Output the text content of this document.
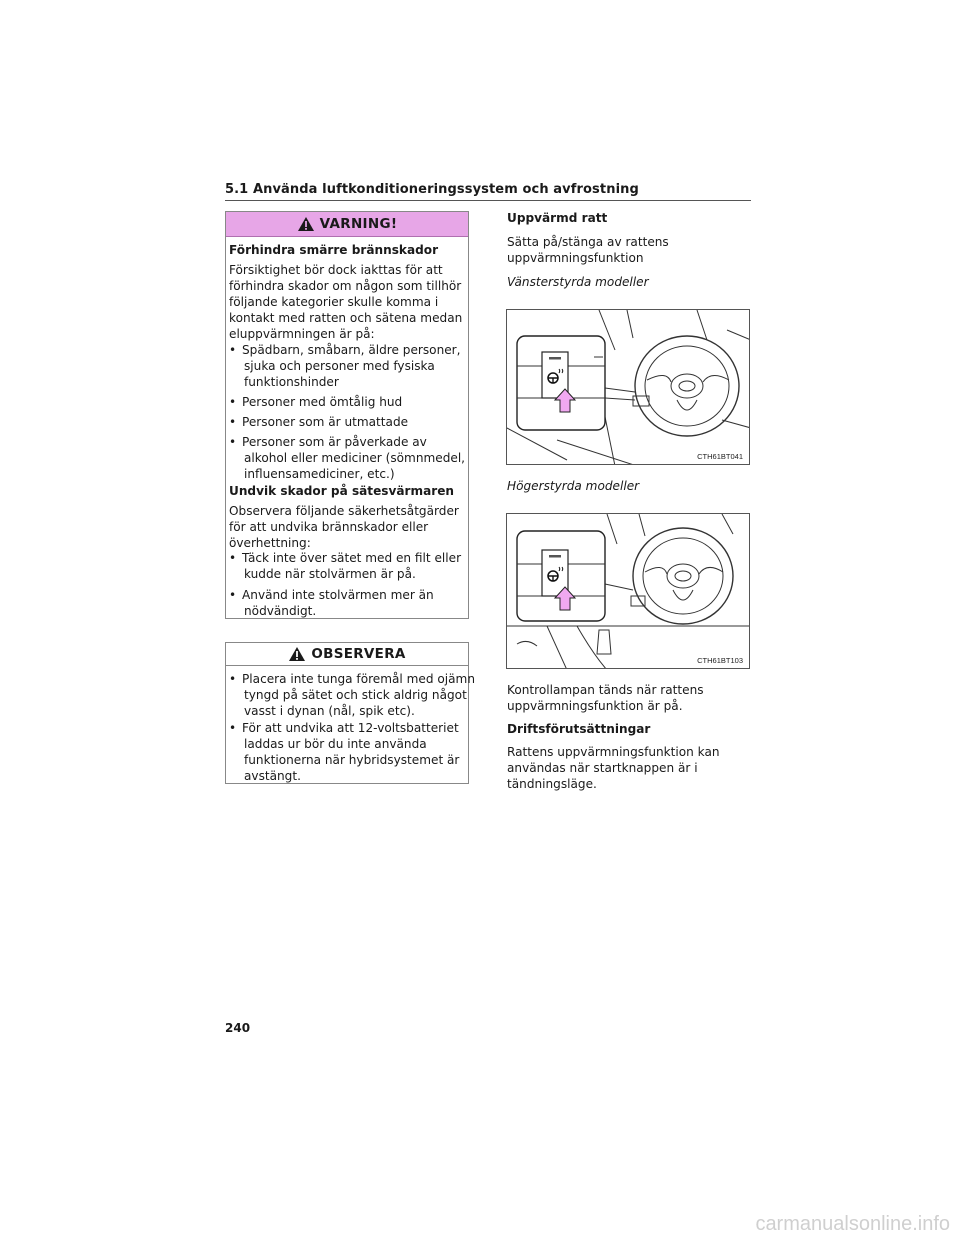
5.1 Använda luftkonditioneringssystem och avfrostning
VARNING!
Förhindra smärre brännskador
Försiktighet bör dock iakttas för att
förhindra skador om någon som tillhör
följande kategorier skulle komma i
kontakt med ratten och sätena medan
eluppvärmningen är på:
• Spädbarn, småbarn, äldre personer,
sjuka och personer med fysiska
funktionshinder
• Personer med ömtålig hud
• Personer som är utmattade
• Personer som är påverkade av
alkohol eller mediciner (sömnmedel,
influensamediciner, etc.)
Undvik skador på sätesvärmaren
Observera följande säkerhetsåtgärder
för att undvika brännskador eller
överhettning:
• Täck inte över sätet med en filt eller
kudde när stolvärmen är på.
• Använd inte stolvärmen mer än
nödvändigt.
OBSERVERA
• Placera inte tunga föremål med ojämn
tyngd på sätet och stick aldrig något
vasst i dynan (nål, spik etc).
• För att undvika att 12-voltsbatteriet
laddas ur bör du inte använda
funktionerna när hybridsystemet är
avstängt.
Uppvärmd ratt
Sätta på/stänga av rattens
uppvärmningsfunktion
Vänsterstyrda modeller
CTH61BT041
Högerstyrda modeller
CTH61BT103
Kontrollampan tänds när rattens
uppvärmningsfunktion är på.
Driftsförutsättningar
Rattens uppvärmningsfunktion kan
användas när startknappen är i
tändningsläge.
240
carmanualsonline.info
